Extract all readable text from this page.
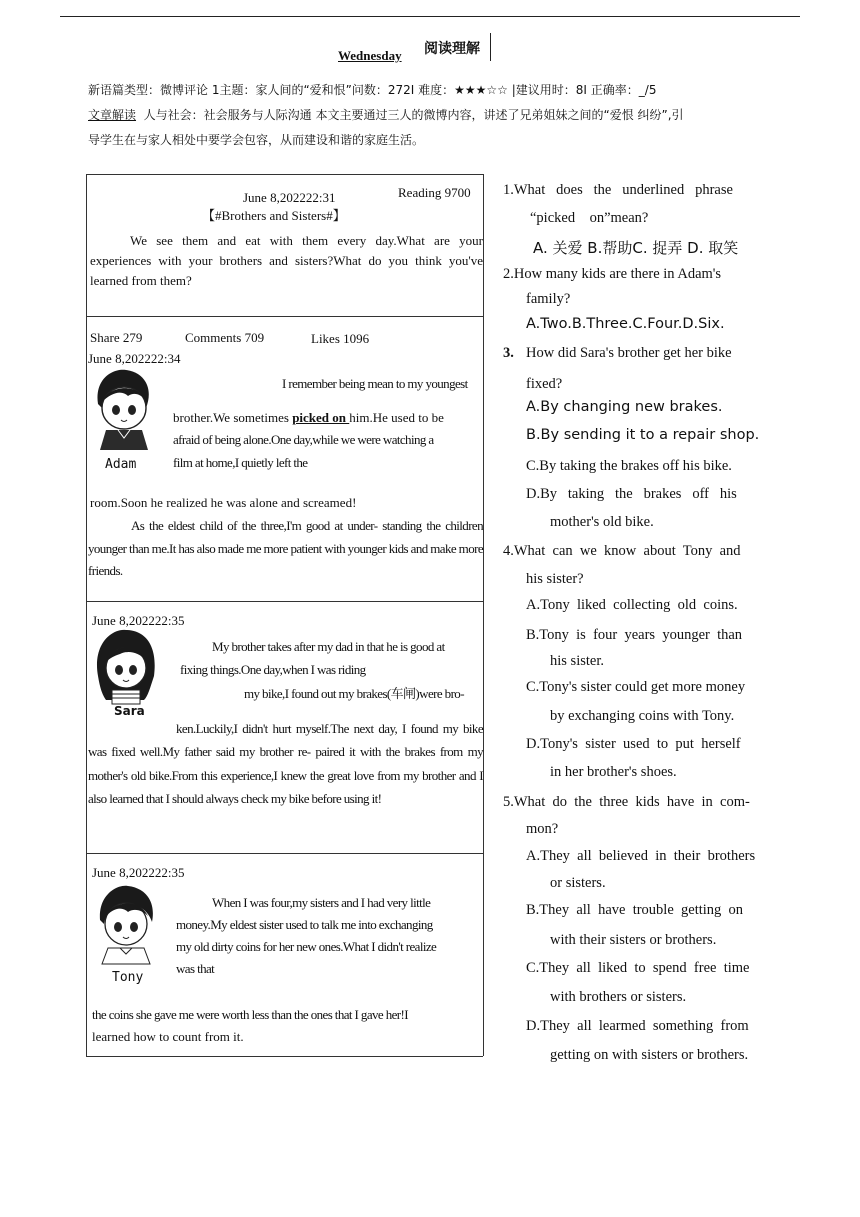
Wednesday 阅读理解
新语篇类型：微博评论 1主题：家人间的“爱和恨”问数：272I 难度：★★★☆☆ |建议用时：8I 正确率：_/5
文章解读 人与社会：社会服务与人际沟通 本文主要通过三人的微博内容，讲述了兄弟姐妹之间的“爱恨 纠纷”,引
导学生在与家人相处中要学会包容，从而建设和谐的家庭生活。
June 8,202222:31	Reading 9700
【#Brothers and Sisters#】
We see them and eat with them every day.What are your experiences with your brothers and sisters?What do you think you've learned from them?
Share 279	Comments 709	Likes 1096
June 8,202222:34
Adam
I remember being mean to my youngest
brother.We sometimes picked on him.He used to be
afraid of being alone.One day,while we were watching a
film at home,I quietly left the
room.Soon he realized he was alone and screamed!
As the eldest child of the three,I'm good at under- standing the children younger than me.It has also made me more patient with younger kids and make more friends.
June 8,202222:35
Sara
My brother takes after my dad in that he is good at
fixing things.One day,when I was riding
my bike,I found out my brakes(车闸)were bro-
ken.Luckily,I didn't hurt myself.The next day, I found my bike was fixed well.My father said my brother re- paired it with the brakes from my mother's old bike.From this experience,I knew the great love from my brother and I also learned that I should always check my bike before using it!
June 8,202222:35
Tony
When I was four,my sisters and I had very little
money.My eldest sister used to talk me into exchanging
my old dirty coins for her new ones.What I didn't realize
was that
the coins she gave me were worth less than the ones that I gave her!I
learned how to count from it.
1.What   does   the   underlined   phrase
“picked    on”mean?
A. 关爱 B.帮助C. 捉弄 D. 取笑
2.How many kids are there in Adam's
family?
A.Two.B.Three.C.Four.D.Six.
3. How did Sara's brother get her bike
fixed?
A.By changing new brakes.
B.By sending it to a repair shop.
C.By taking the brakes off his bike.
D.By   taking   the   brakes   off   his
mother's old bike.
4.What  can  we  know  about  Tony  and
his sister?
A.Tony  liked  collecting  old  coins.
B.Tony  is  four  years  younger  than
his sister.
C.Tony's sister could get more money
by exchanging coins with Tony.
D.Tony's  sister  used  to  put  herself
in her brother's shoes.
5.What  do  the  three  kids  have  in  com-
mon?
A.They  all  believed  in  their  brothers
or sisters.
B.They  all  have  trouble  getting  on
with their sisters or brothers.
C.They  all  liked  to  spend  free  time
with brothers or sisters.
D.They  all  learmed  something  from
getting on with sisters or brothers.
